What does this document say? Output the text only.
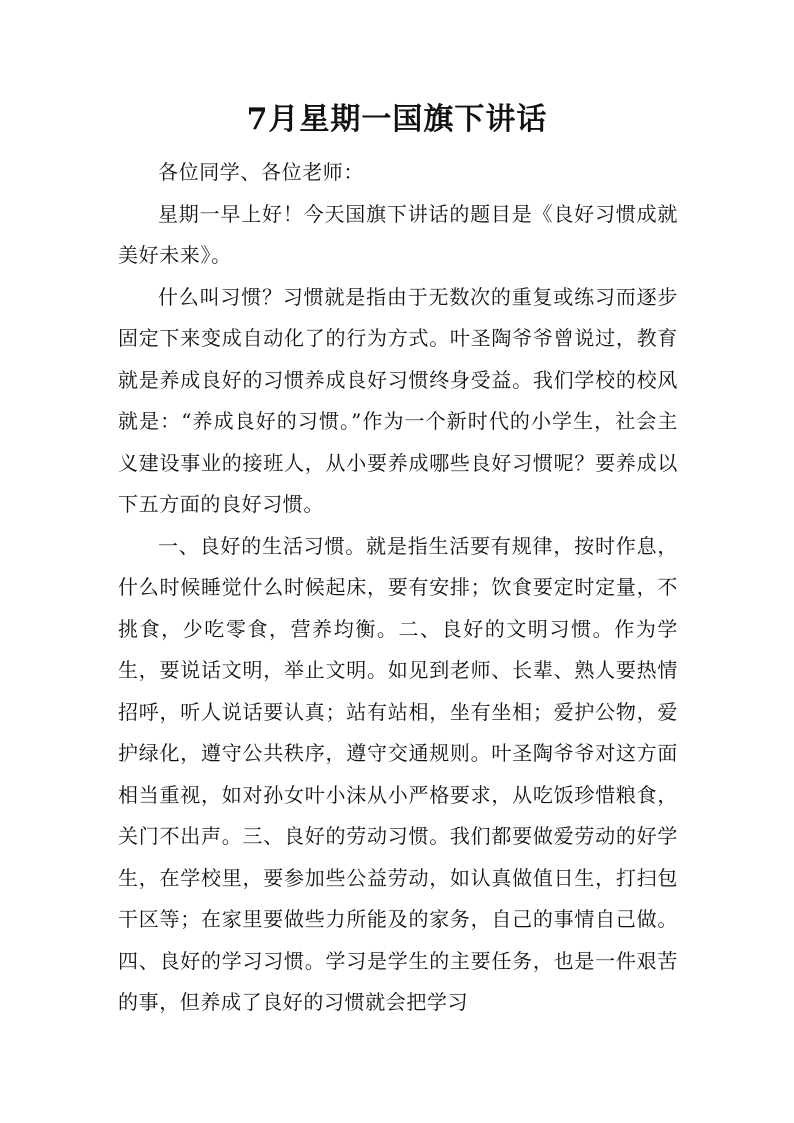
7月星期一国旗下讲话

各位同学、各位老师：

星期一早上好！今天国旗下讲话的题目是《良好习惯成就美好未来》。

什么叫习惯？习惯就是指由于无数次的重复或练习而逐步固定下来变成自动化了的行为方式。叶圣陶爷爷曾说过，教育就是养成良好的习惯养成良好习惯终身受益。我们学校的校风就是：“养成良好的习惯。”作为一个新时代的小学生，社会主义建设事业的接班人，从小要养成哪些良好习惯呢？要养成以下五方面的良好习惯。

一、良好的生活习惯。就是指生活要有规律，按时作息，什么时候睡觉什么时候起床，要有安排；饮食要定时定量，不挑食，少吃零食，营养均衡。二、良好的文明习惯。作为学生，要说话文明，举止文明。如见到老师、长辈、熟人要热情招呼，听人说话要认真；站有站相，坐有坐相；爱护公物，爱护绿化，遵守公共秩序，遵守交通规则。叶圣陶爷爷对这方面相当重视，如对孙女叶小沫从小严格要求，从吃饭珍惜粮食，关门不出声。三、良好的劳动习惯。我们都要做爱劳动的好学生，在学校里，要参加些公益劳动，如认真做值日生，打扫包干区等；在家里要做些力所能及的家务，自己的事情自己做。四、良好的学习习惯。学习是学生的主要任务，也是一件艰苦的事，但养成了良好的习惯就会把学习
